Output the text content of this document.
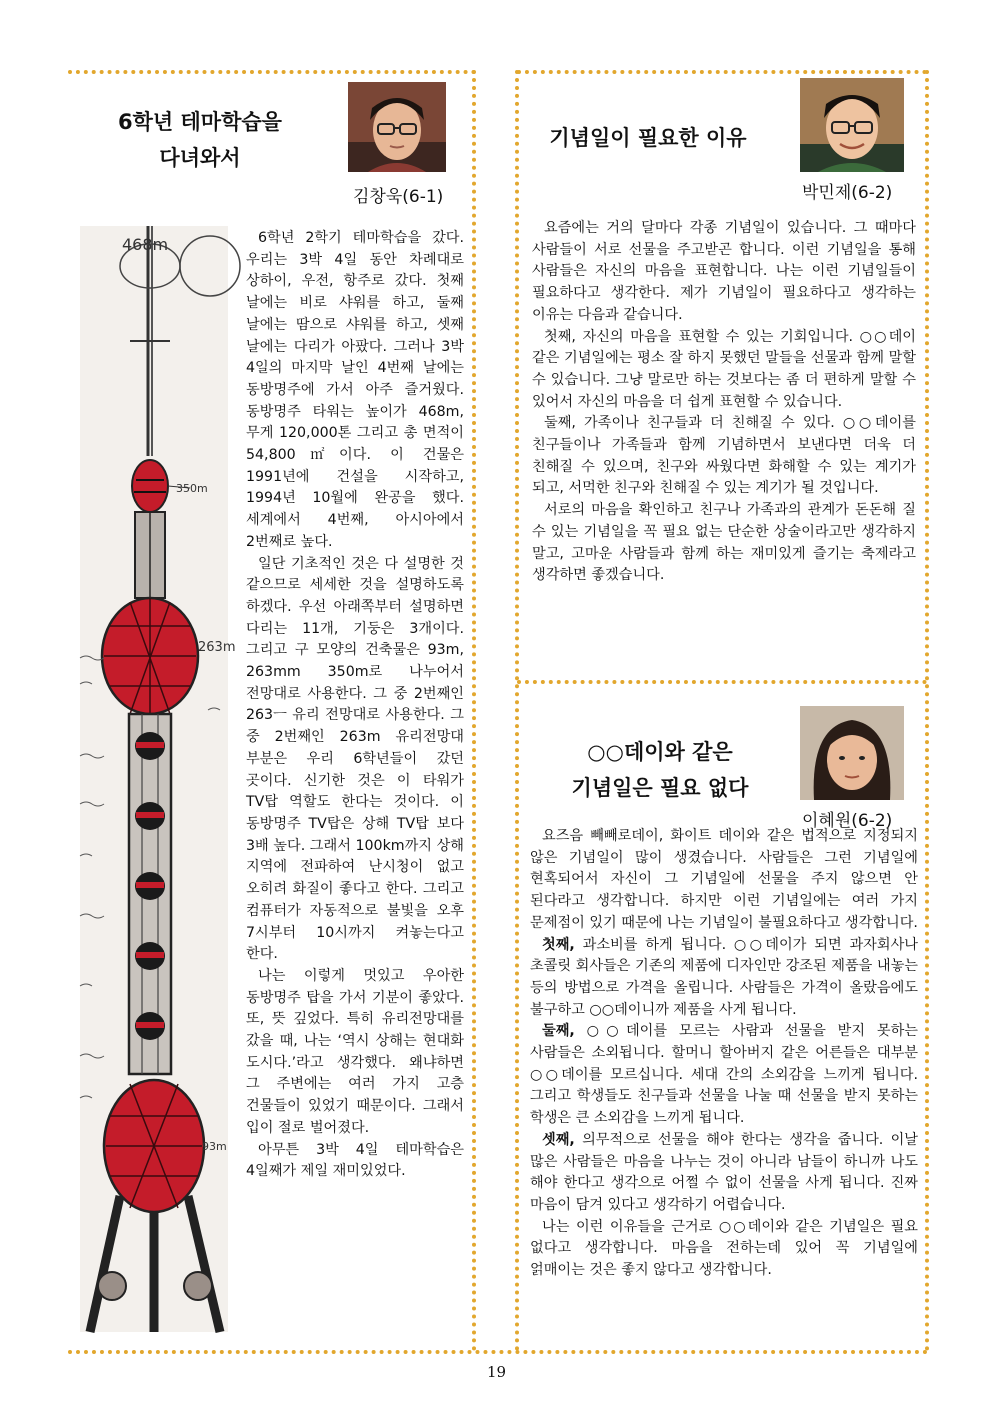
6학년 테마학습을
다녀와서
김창욱(6-1)
468m
350m
263m
93m

6학년 2학기 테마학습을 갔다. 우리는 3박 4일 동안 차례대로 상하이, 우전, 항주로 갔다. 첫째 날에는 비로 샤워를 하고, 둘째 날에는 땀으로 샤워를 하고, 셋째 날에는 다리가 아팠다. 그러나 3박 4일의 마지막 날인 4번째 날에는 동방명주에 가서 아주 즐거웠다. 동방명주 타워는 높이가 468m, 무게 120,000톤 그리고 총 면적이 54,800㎡이다. 이 건물은 1991년에 건설을 시작하고, 1994년 10월에 완공을 했다. 세계에서 4번째, 아시아에서 2번째로 높다.

일단 기초적인 것은 다 설명한 것 같으므로 세세한 것을 설명하도록 하겠다. 우선 아래쪽부터 설명하면 다리는 11개, 기둥은 3개이다. 그리고 구 모양의 건축물은 93m, 263mm 350m로 나누어서 전망대로 사용한다. 그 중 2번째인 263ㅡ 유리 전망대로 사용한다. 그 중 2번째인 263m 유리전망대 부분은 우리 6학년들이 갔던 곳이다. 신기한 것은 이 타워가 TV탑 역할도 한다는 것이다. 이 동방명주 TV탑은 상해 TV탑 보다 3배 높다. 그래서 100km까지 상해 지역에 전파하여 난시청이 없고 오히려 화질이 좋다고 한다. 그리고 컴퓨터가 자동적으로 불빛을 오후 7시부터 10시까지 켜놓는다고 한다.

나는 이렇게 멋있고 우아한 동방명주 탑을 가서 기분이 좋았다. 또, 뜻 깊었다. 특히 유리전망대를 갔을 때, 나는 ‘역시 상해는 현대화 도시다.’라고 생각했다. 왜냐하면 그 주변에는 여러 가지 고층 건물들이 있었기 때문이다. 그래서 입이 절로 벌어졌다.

아무튼 3박 4일 테마학습은 4일째가 제일 재미있었다.

기념일이 필요한 이유
박민제(6-2)

요즘에는 거의 달마다 각종 기념일이 있습니다. 그 때마다 사람들이 서로 선물을 주고받곤 합니다. 이런 기념일을 통해 사람들은 자신의 마음을 표현합니다. 나는 이런 기념일들이 필요하다고 생각한다. 제가 기념일이 필요하다고 생각하는 이유는 다음과 같습니다.

첫째, 자신의 마음을 표현할 수 있는 기회입니다. ○○데이 같은 기념일에는 평소 잘 하지 못했던 말들을 선물과 함께 말할 수 있습니다. 그냥 말로만 하는 것보다는 좀 더 편하게 말할 수 있어서 자신의 마음을 더 쉽게 표현할 수 있습니다.

둘째, 가족이나 친구들과 더 친해질 수 있다. ○○데이를 친구들이나 가족들과 함께 기념하면서 보낸다면 더욱 더 친해질 수 있으며, 친구와 싸웠다면 화해할 수 있는 계기가 되고, 서먹한 친구와 친해질 수 있는 계기가 될 것입니다.

서로의 마음을 확인하고 친구나 가족과의 관계가 돈돈해 질 수 있는 기념일을 꼭 필요 없는 단순한 상술이라고만 생각하지 말고, 고마운 사람들과 함께 하는 재미있게 즐기는 축제라고 생각하면 좋겠습니다.

○○데이와 같은
기념일은 필요 없다
이혜원(6-2)

요즈음 빼빼로데이, 화이트 데이와 같은 법적으로 지정되지 않은 기념일이 많이 생겼습니다. 사람들은 그런 기념일에 현혹되어서 자신이 그 기념일에 선물을 주지 않으면 안 된다라고 생각합니다. 하지만 이런 기념일에는 여러 가지 문제점이 있기 때문에 나는 기념일이 불필요하다고 생각합니다.

첫째, 과소비를 하게 됩니다. ○○데이가 되면 과자회사나 초콜릿 회사들은 기존의 제품에 디자인만 강조된 제품을 내놓는 등의 방법으로 가격을 올립니다. 사람들은 가격이 올랐음에도 불구하고 ○○데이니까 제품을 사게 됩니다.

둘째, ○○데이를 모르는 사람과 선물을 받지 못하는 사람들은 소외됩니다. 할머니 할아버지 같은 어른들은 대부분 ○○데이를 모르십니다. 세대 간의 소외감을 느끼게 됩니다. 그리고 학생들도 친구들과 선물을 나눌 때 선물을 받지 못하는 학생은 큰 소외감을 느끼게 됩니다.

셋째, 의무적으로 선물을 해야 한다는 생각을 줍니다. 이날 많은 사람들은 마음을 나누는 것이 아니라 남들이 하니까 나도 해야 한다고 생각으로 어쩔 수 없이 선물을 사게 됩니다. 진짜 마음이 담겨 있다고 생각하기 어렵습니다.

나는 이런 이유들을 근거로 ○○데이와 같은 기념일은 필요 없다고 생각합니다. 마음을 전하는데 있어 꼭 기념일에 얽매이는 것은 좋지 않다고 생각합니다.

19
